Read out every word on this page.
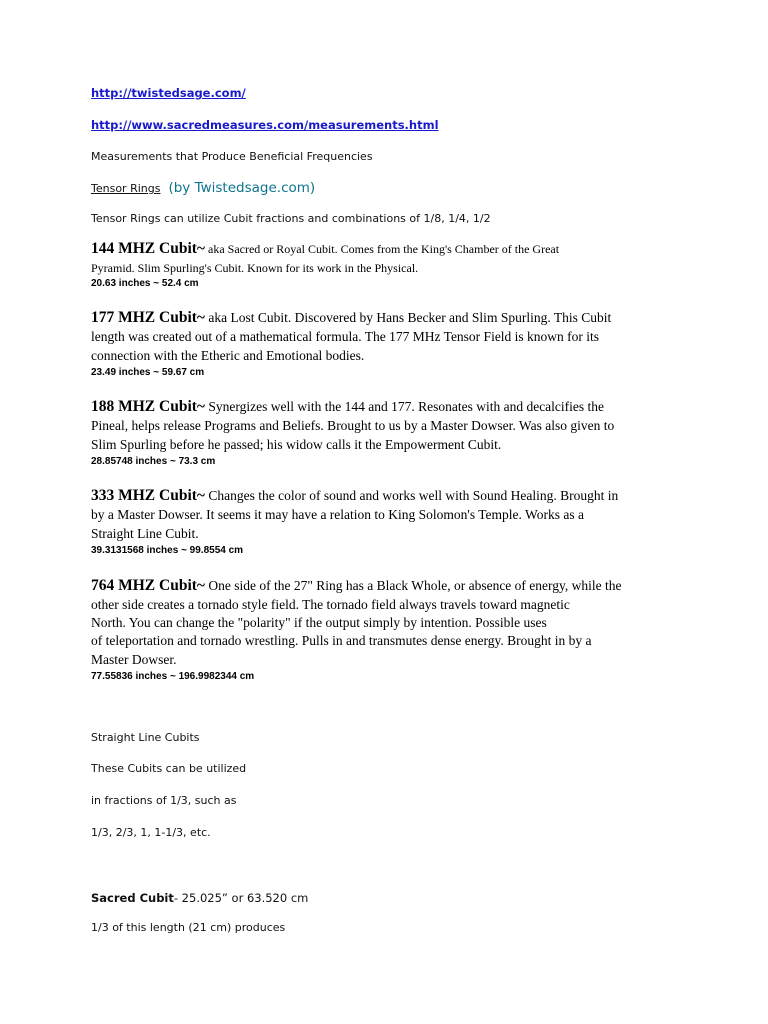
http://twistedsage.com/
http://www.sacredmeasures.com/measurements.html
Measurements that Produce Beneficial Frequencies
Tensor Rings (by Twistedsage.com)
Tensor Rings can utilize Cubit fractions and combinations of 1/8, 1/4, 1/2
144 MHZ Cubit~ aka Sacred or Royal Cubit. Comes from the King's Chamber of the Great
Pyramid. Slim Spurling's Cubit. Known for its work in the Physical.
20.63 inches ~ 52.4 cm
177 MHZ Cubit~ aka Lost Cubit. Discovered by Hans Becker and Slim Spurling. This Cubit
length was created out of a mathematical formula. The 177 MHz Tensor Field is known for its
connection with the Etheric and Emotional bodies.
23.49 inches ~ 59.67 cm
188 MHZ Cubit~ Synergizes well with the 144 and 177. Resonates with and decalcifies the
Pineal, helps release Programs and Beliefs. Brought to us by a Master Dowser. Was also given to
Slim Spurling before he passed; his widow calls it the Empowerment Cubit.
28.85748 inches ~ 73.3 cm
333 MHZ Cubit~ Changes the color of sound and works well with Sound Healing. Brought in
by a Master Dowser. It seems it may have a relation to King Solomon's Temple. Works as a
Straight Line Cubit.
39.3131568 inches ~ 99.8554 cm
764 MHZ Cubit~ One side of the 27" Ring has a Black Whole, or absence of energy, while the
other side creates a tornado style field. The tornado field always travels toward magnetic
North. You can change the "polarity" if the output simply by intention. Possible uses
of teleportation and tornado wrestling. Pulls in and transmutes dense energy. Brought in by a
Master Dowser.
77.55836 inches ~ 196.9982344 cm
Straight Line Cubits
These Cubits can be utilized
in fractions of 1/3, such as
1/3, 2/3, 1, 1-1/3, etc.
Sacred Cubit- 25.025” or 63.520 cm
1/3 of this length (21 cm) produces
